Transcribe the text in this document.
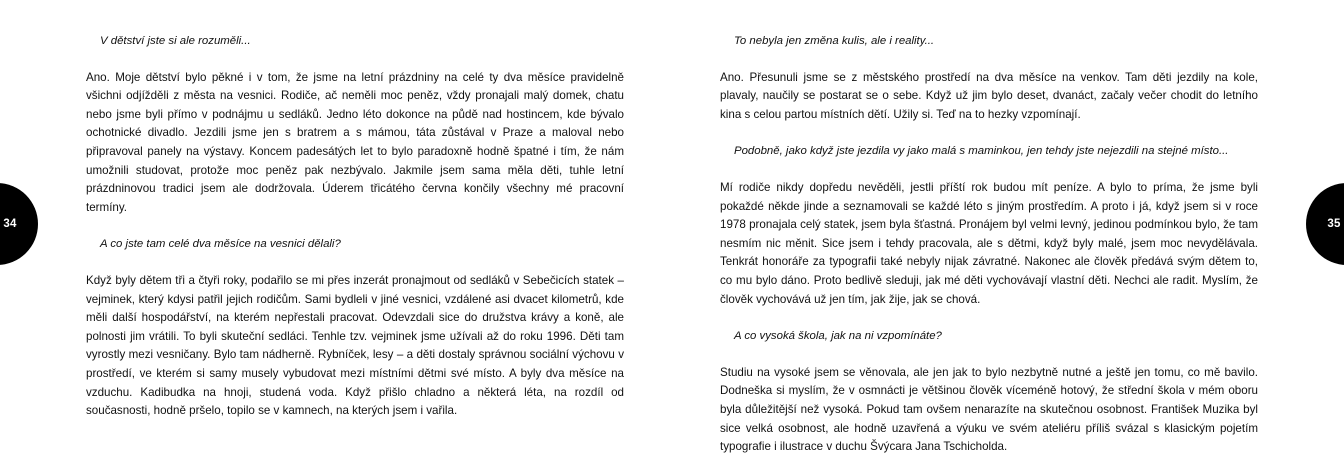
V dětství jste si ale rozuměli...

Ano. Moje dětství bylo pěkné i v tom, že jsme na letní prázdniny na celé ty dva měsíce pravidelně všichni odjížděli z města na vesnici. Rodiče, ač neměli moc peněz, vždy pronajali malý domek, chatu nebo jsme byli přímo v podnájmu u sedláků. Jedno léto dokonce na půdě nad hostincem, kde bývalo ochotnické divadlo. Jezdili jsme jen s bratrem a s mámou, táta zůstával v Praze a maloval nebo připravoval panely na výstavy. Koncem padesátých let to bylo paradoxně hodně špatné i tím, že nám umožnili studovat, protože moc peněz pak nezbývalo. Jakmile jsem sama měla děti, tuhle letní prázdninovou tradici jsem ale dodržovala. Úderem třicátého června končily všechny mé pracovní termíny.

A co jste tam celé dva měsíce na vesnici dělali?

Když byly dětem tři a čtyři roky, podařilo se mi přes inzerát pronajmout od sedláků v Sebečicích statek – vejminek, který kdysi patřil jejich rodičům. Sami bydleli v jiné vesnici, vzdálené asi dvacet kilometrů, kde měli další hospodářství, na kterém nepřestali pracovat. Odevzdali sice do družstva krávy a koně, ale polnosti jim vrátili. To byli skuteční sedláci. Tenhle tzv. vejminek jsme užívali až do roku 1996. Děti tam vyrostly mezi vesničany. Bylo tam nádherně. Rybníček, lesy – a děti dostaly správnou sociální výchovu v prostředí, ve kterém si samy musely vybudovat mezi místními dětmi své místo. A byly dva měsíce na vzduchu. Kadibudka na hnoji, studená voda. Když přišlo chladno a některá léta, na rozdíl od současnosti, hodně pršelo, topilo se v kamnech, na kterých jsem i vařila.

To nebyla jen změna kulis, ale i reality...

Ano. Přesunuli jsme se z městského prostředí na dva měsíce na venkov. Tam děti jezdily na kole, plavaly, naučily se postarat se o sebe. Když už jim bylo deset, dvanáct, začaly večer chodit do letního kina s celou partou místních dětí. Užily si. Teď na to hezky vzpomínají.

Podobně, jako když jste jezdila vy jako malá s maminkou, jen tehdy jste nejezdili na stejné místo...

Mí rodiče nikdy dopředu nevěděli, jestli příští rok budou mít peníze. A bylo to príma, že jsme byli pokaždé někde jinde a seznamovali se každé léto s jiným prostředím. A proto i já, když jsem si v roce 1978 pronajala celý statek, jsem byla šťastná. Pronájem byl velmi levný, jedinou podmínkou bylo, že tam nesmím nic měnit. Sice jsem i tehdy pracovala, ale s dětmi, když byly malé, jsem moc nevydělávala. Tenkrát honoráře za typografii také nebyly nijak závratné. Nakonec ale člověk předává svým dětem to, co mu bylo dáno. Proto bedlivě sleduji, jak mé děti vychovávají vlastní děti. Nechci ale radit. Myslím, že člověk vychovává už jen tím, jak žije, jak se chová.

A co vysoká škola, jak na ni vzpomínáte?

Studiu na vysoké jsem se věnovala, ale jen jak to bylo nezbytně nutné a ještě jen tomu, co mě bavilo. Dodneška si myslím, že v osmnácti je většinou člověk víceméně hotový, že střední škola v mém oboru byla důležitější než vysoká. Pokud tam ovšem nenarazíte na skutečnou osobnost. František Muzika byl sice velká osobnost, ale hodně uzavřená a výuku ve svém ateliéru příliš svázal s klasickým pojetím typografie i ilustrace v duchu Švýcara Jana Tschicholda.

34	35
